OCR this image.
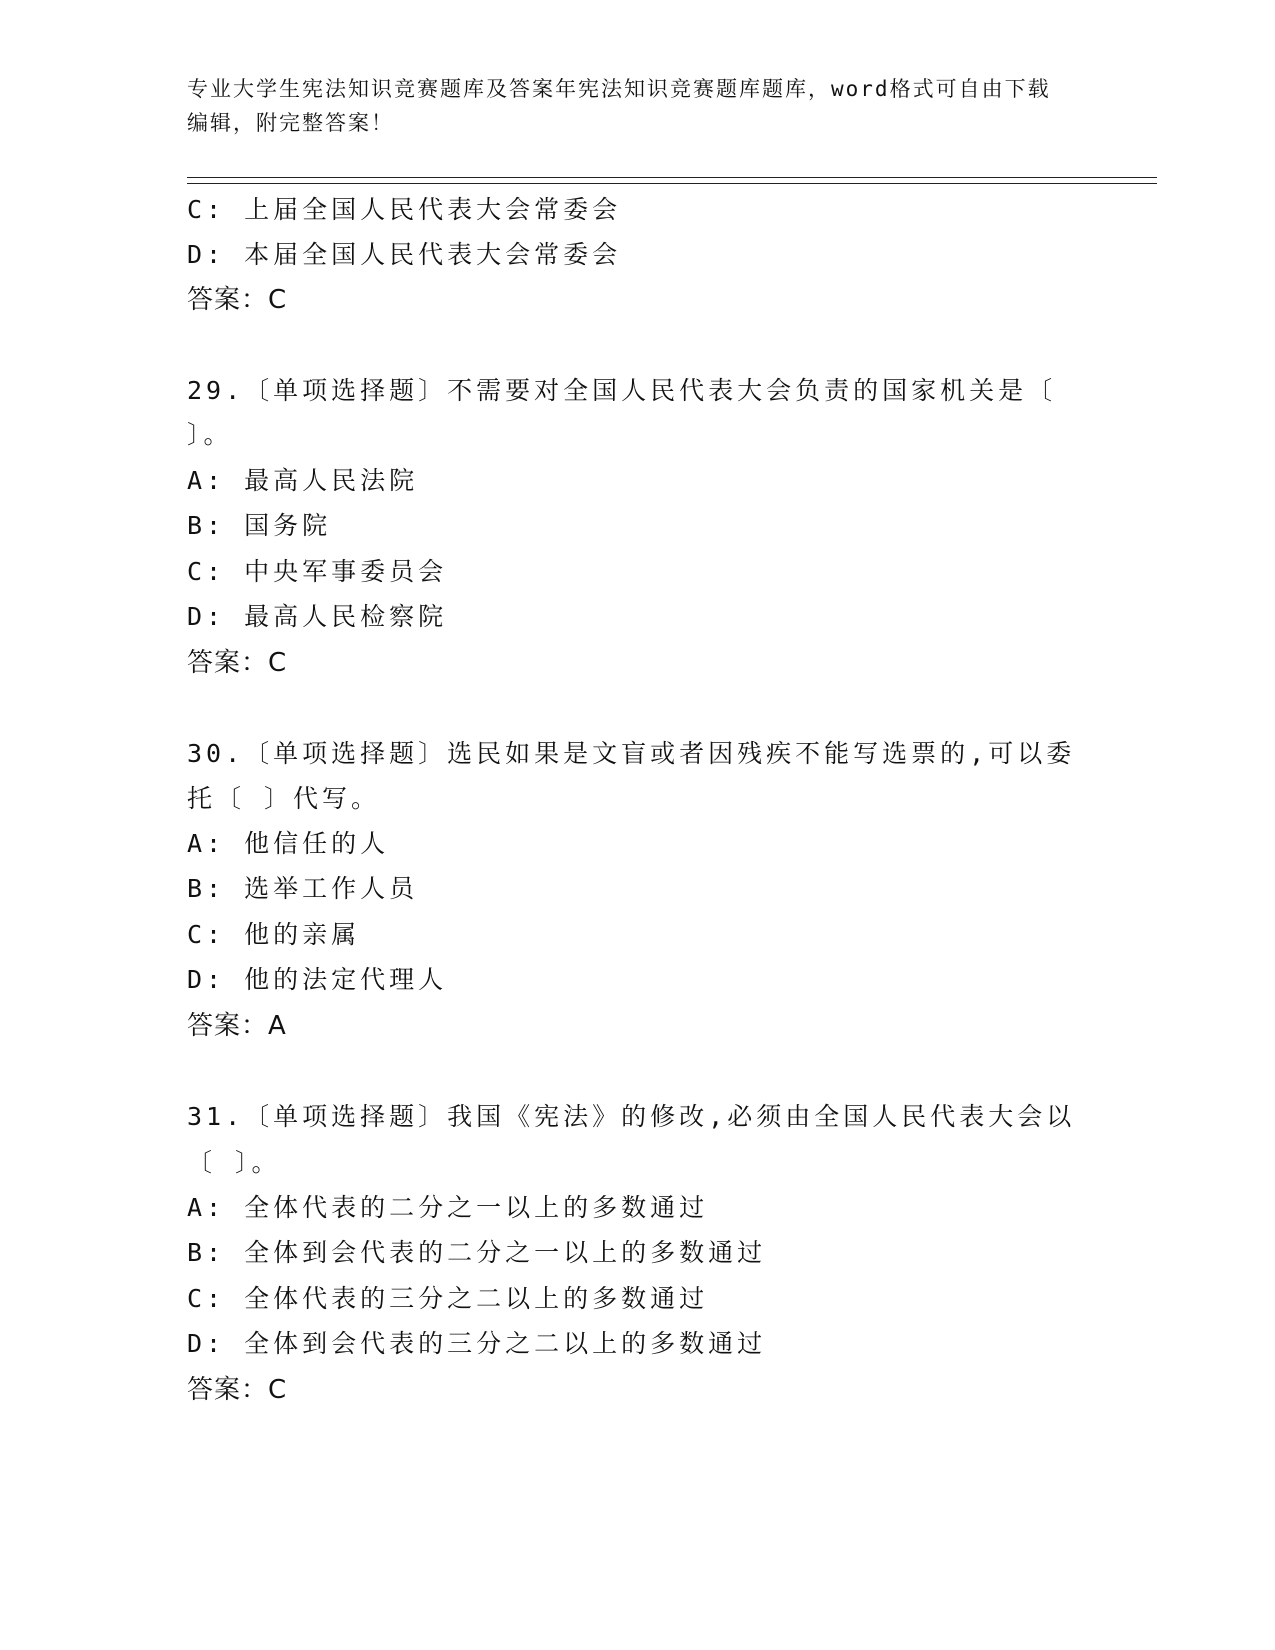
专业大学生宪法知识竞赛题库及答案年宪法知识竞赛题库题库，word格式可自由下载编辑，附完整答案！
C: 上届全国人民代表大会常委会
D: 本届全国人民代表大会常委会
答案：C
29.〔单项选择题〕不需要对全国人民代表大会负责的国家机关是〔
〕。
A: 最高人民法院
B: 国务院
C: 中央军事委员会
D: 最高人民检察院
答案：C
30.〔单项选择题〕选民如果是文盲或者因残疾不能写选票的,可以委
托〔 〕代写。
A: 他信任的人
B: 选举工作人员
C: 他的亲属
D: 他的法定代理人
答案：A
31.〔单项选择题〕我国《宪法》的修改,必须由全国人民代表大会以
〔 〕。
A: 全体代表的二分之一以上的多数通过
B: 全体到会代表的二分之一以上的多数通过
C: 全体代表的三分之二以上的多数通过
D: 全体到会代表的三分之二以上的多数通过
答案：C
